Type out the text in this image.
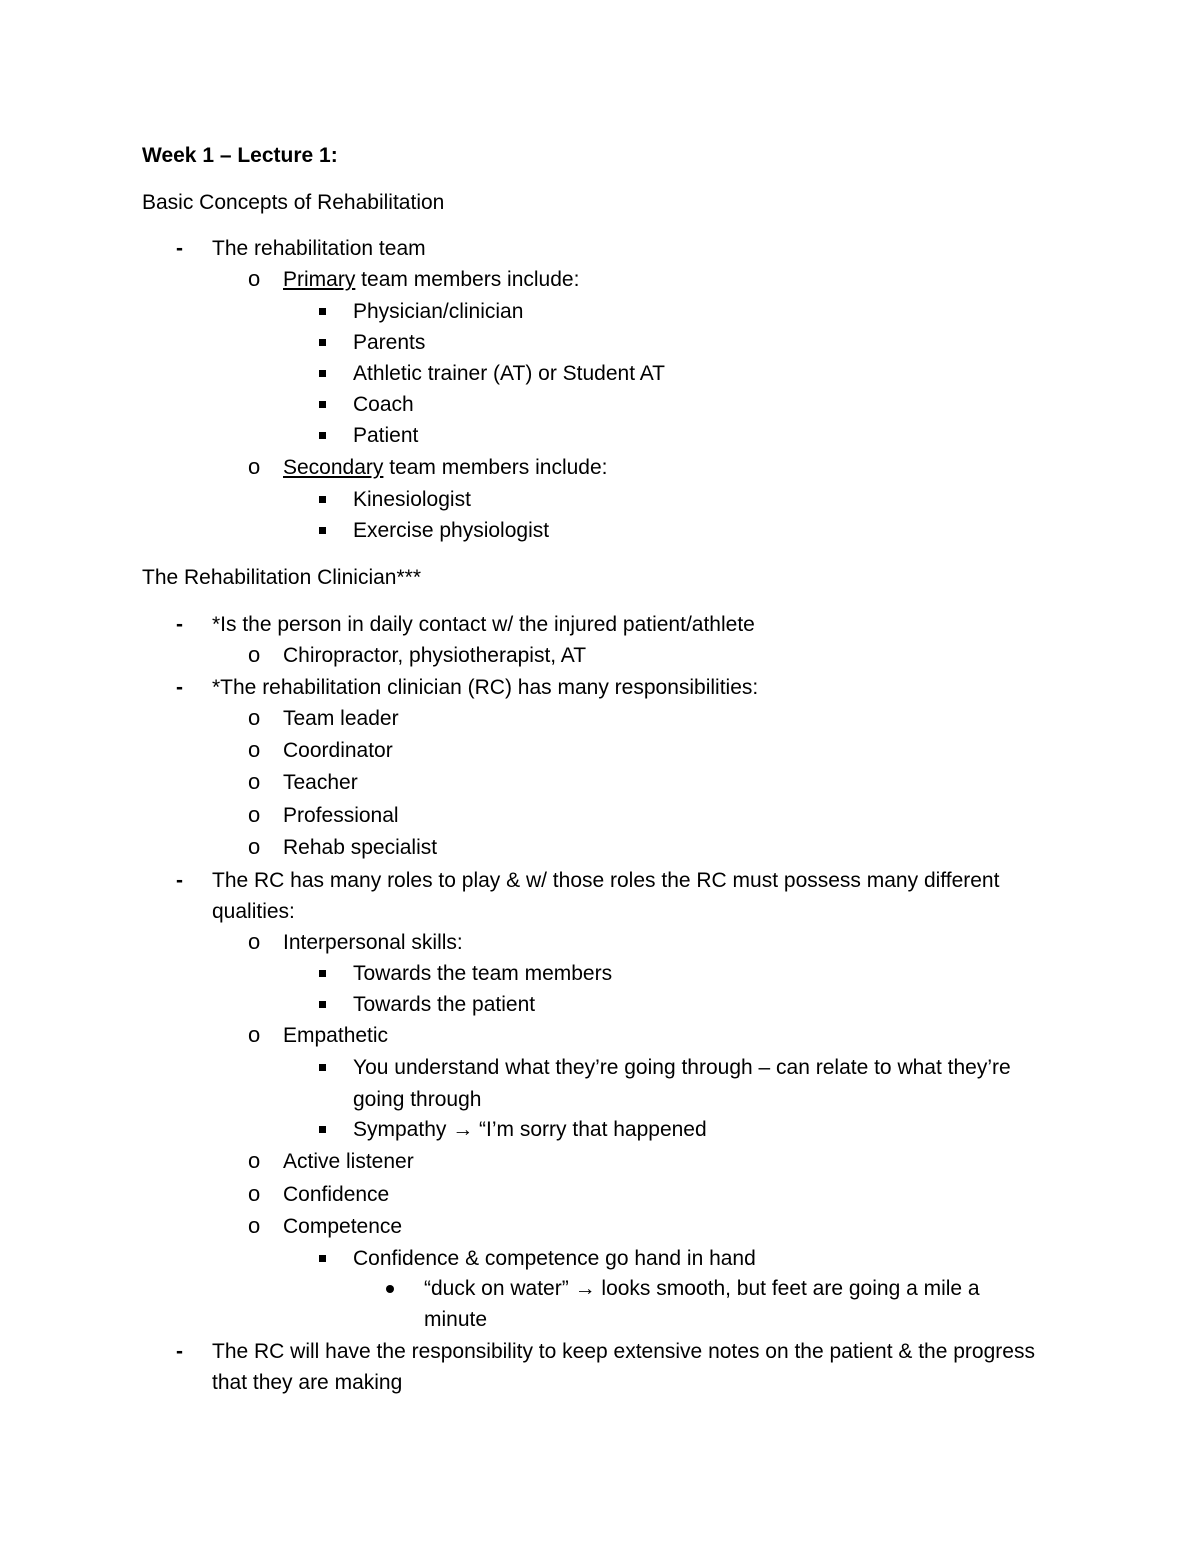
Week 1 – Lecture 1:
Basic Concepts of Rehabilitation
- The rehabilitation team
o Primary team members include:
Physician/clinician
Parents
Athletic trainer (AT) or Student AT
Coach
Patient
o Secondary team members include:
Kinesiologist
Exercise physiologist
The Rehabilitation Clinician***
- *Is the person in daily contact w/ the injured patient/athlete
o Chiropractor, physiotherapist, AT
- *The rehabilitation clinician (RC) has many responsibilities:
o Team leader
o Coordinator
o Teacher
o Professional
o Rehab specialist
- The RC has many roles to play & w/ those roles the RC must possess many different
qualities:
o Interpersonal skills:
Towards the team members
Towards the patient
o Empathetic
You understand what they’re going through – can relate to what they’re
going through
Sympathy → “I’m sorry that happened
o Active listener
o Confidence
o Competence
Confidence & competence go hand in hand
“duck on water” → looks smooth, but feet are going a mile a
minute
- The RC will have the responsibility to keep extensive notes on the patient & the progress
that they are making
